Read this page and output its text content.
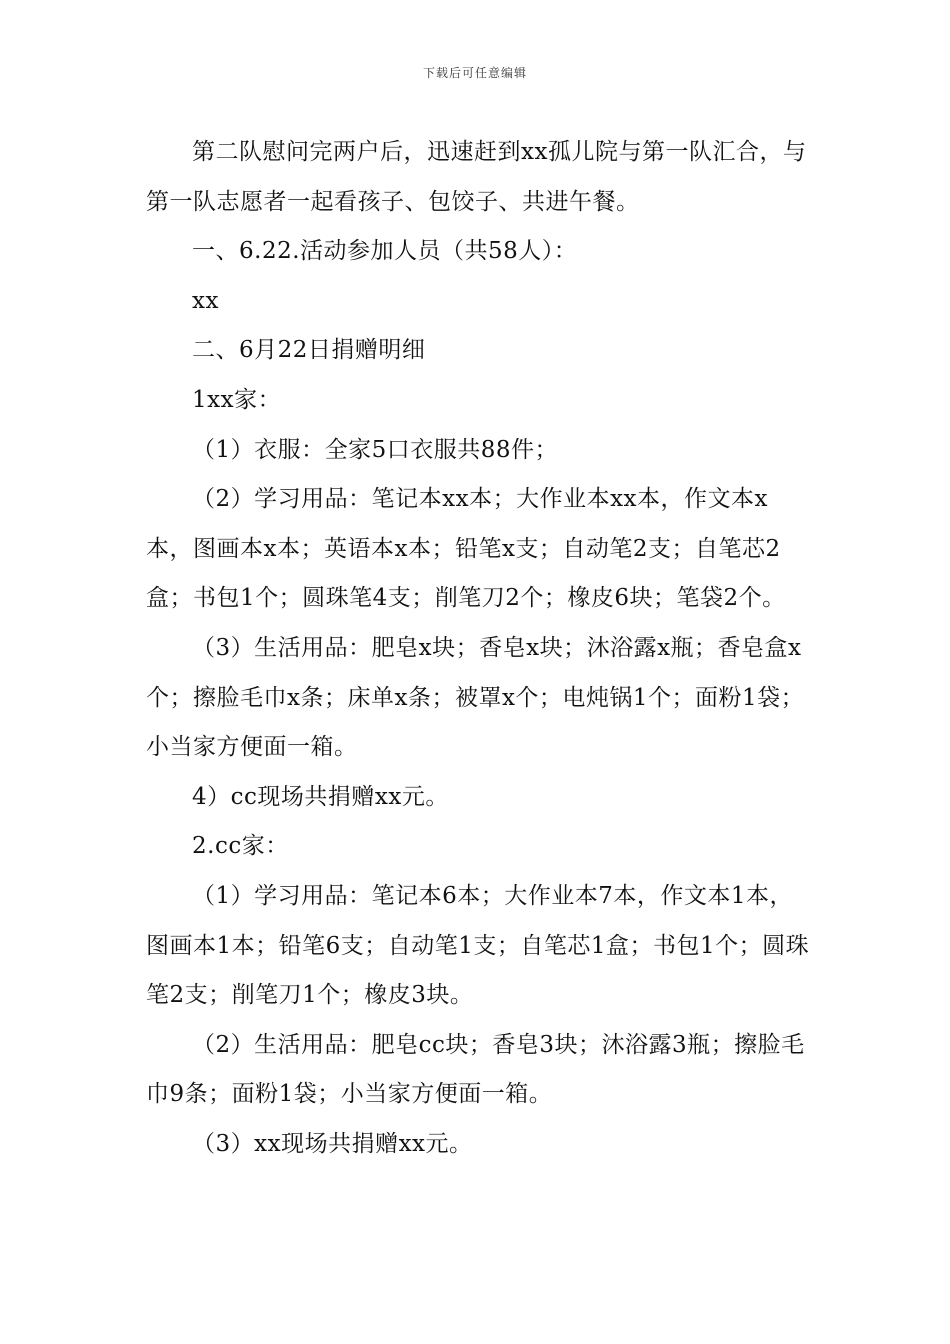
下载后可任意编辑

第二队慰问完两户后，迅速赶到xx孤儿院与第一队汇合，与第一队志愿者一起看孩子、包饺子、共进午餐。

一、6.22.活动参加人员（共58人）：

xx

二、6月22日捐赠明细

1xx家：

（1）衣服：全家5口衣服共88件；

（2）学习用品：笔记本xx本；大作业本xx本，作文本x本，图画本x本；英语本x本；铅笔x支；自动笔2支；自笔芯2盒；书包1个；圆珠笔4支；削笔刀2个；橡皮6块；笔袋2个。

（3）生活用品：肥皂x块；香皂x块；沐浴露x瓶；香皂盒x个；擦脸毛巾x条；床单x条；被罩x个；电炖锅1个；面粉1袋；小当家方便面一箱。

4）cc现场共捐赠xx元。

2.cc家：

（1）学习用品：笔记本6本；大作业本7本，作文本1本，图画本1本；铅笔6支；自动笔1支；自笔芯1盒；书包1个；圆珠笔2支；削笔刀1个；橡皮3块。

（2）生活用品：肥皂cc块；香皂3块；沐浴露3瓶；擦脸毛巾9条；面粉1袋；小当家方便面一箱。

（3）xx现场共捐赠xx元。
